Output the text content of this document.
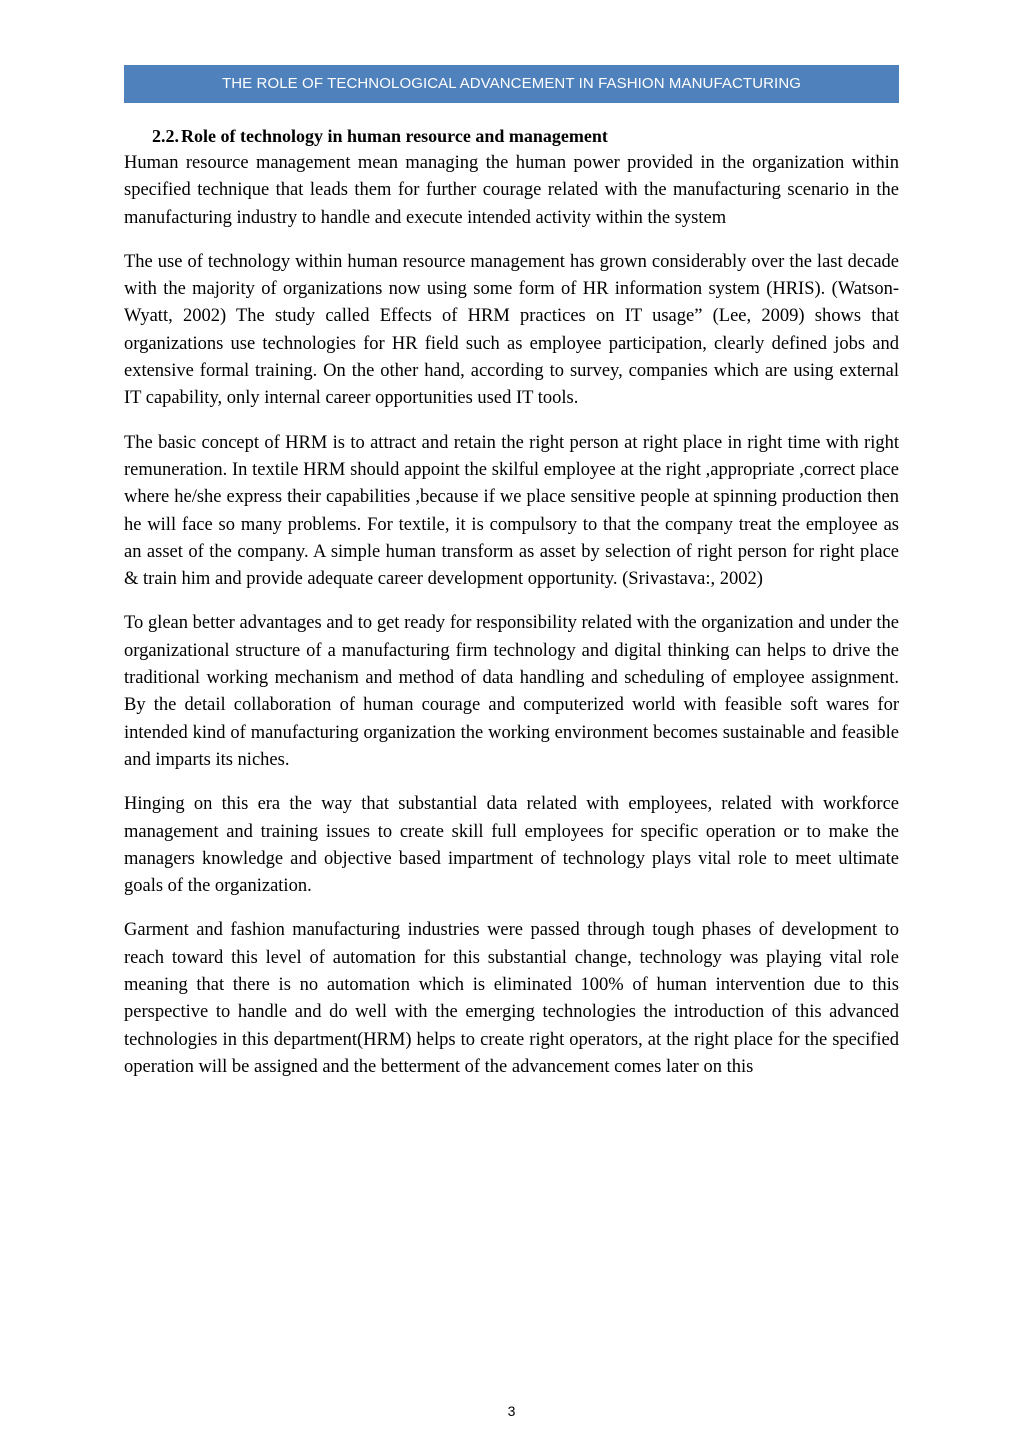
THE ROLE OF TECHNOLOGICAL ADVANCEMENT IN FASHION MANUFACTURING
2.2. Role of technology in human resource and management

Human resource management mean managing the human power provided in the organization within specified technique that leads them for further courage related with the manufacturing scenario in the manufacturing industry to handle and execute intended activity within the system

The use of technology within human resource management has grown considerably over the last decade with the majority of organizations now using some form of HR information system (HRIS). (Watson-Wyatt, 2002) The study called Effects of HRM practices on IT usage” (Lee, 2009) shows that organizations use technologies for HR field such as employee participation, clearly defined jobs and extensive formal training. On the other hand, according to survey, companies which are using external IT capability, only internal career opportunities used IT tools.

The basic concept of HRM is to attract and retain the right person at right place in right time with right remuneration. In textile HRM should appoint the skilful employee at the right ,appropriate ,correct place where he/she express their capabilities ,because if we place sensitive people at spinning production then he will face so many problems. For textile, it is compulsory to that the company treat the employee as an asset of the company. A simple human transform as asset by selection of right person for right place & train him and provide adequate career development opportunity. (Srivastava:, 2002)

To glean better advantages and to get ready for responsibility related with the organization and under the organizational structure of a manufacturing firm technology and digital thinking can helps to drive the traditional working mechanism and method of data handling and scheduling of employee assignment. By the detail collaboration of human courage and computerized world with feasible soft wares for intended kind of manufacturing organization the working environment becomes sustainable and feasible and imparts its niches.

Hinging on this era the way that substantial data related with employees, related with workforce management and training issues to create skill full employees for specific operation or to make the managers knowledge and objective based impartment of technology plays vital role to meet ultimate goals of the organization.

Garment and fashion manufacturing industries were passed through tough phases of development to reach toward this level of automation for this substantial change, technology was playing vital role meaning that there is no automation which is eliminated 100% of human intervention due to this perspective to handle and do well with the emerging technologies the introduction of this advanced technologies in this department(HRM) helps to create right operators, at the right place for the specified operation will be assigned and the betterment of the advancement comes later on this

3
